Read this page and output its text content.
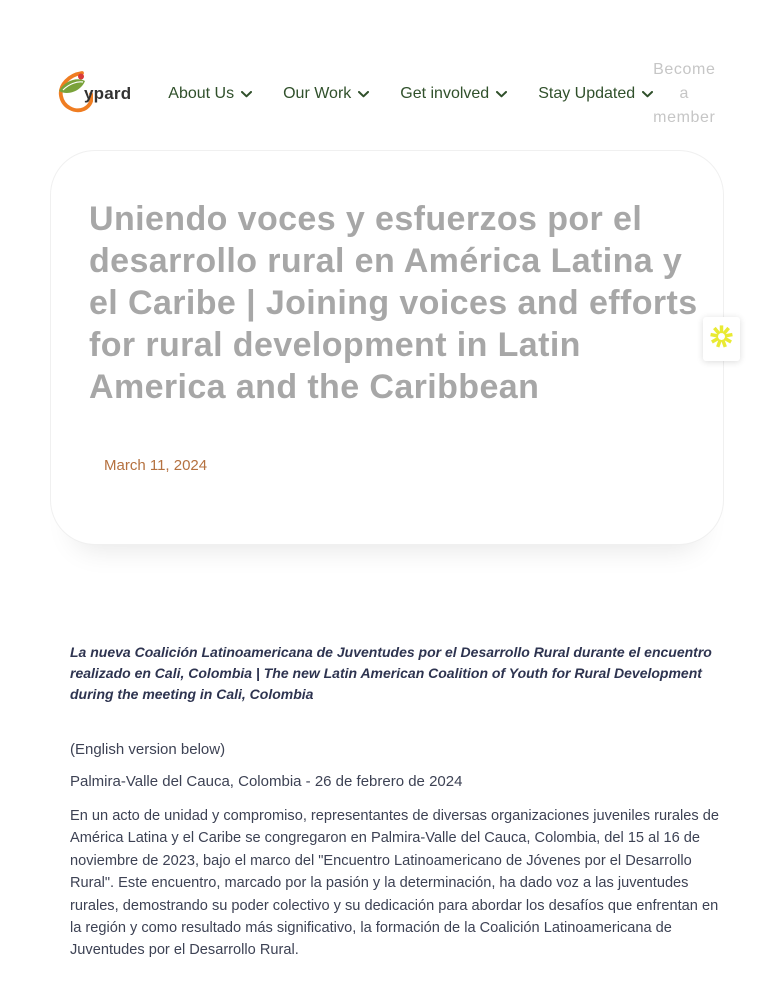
ypard About Us	Our Work	Get involved	Stay Updated
Become a member
Uniendo voces y esfuerzos por el
desarrollo rural en América Latina y
el Caribe | Joining voices and efforts
for rural development in Latin
America and the Caribbean
March 11, 2024

La nueva Coalición Latinoamericana de Juventudes por el Desarrollo Rural durante el encuentro realizado en Cali, Colombia | The new Latin American Coalition of Youth for Rural Development during the meeting in Cali, Colombia

(English version below)
Palmira-Valle del Cauca, Colombia - 26 de febrero de 2024
En un acto de unidad y compromiso, representantes de diversas organizaciones juveniles rurales de América Latina y el Caribe se congregaron en Palmira-Valle del Cauca, Colombia, del 15 al 16 de noviembre de 2023, bajo el marco del "Encuentro Latinoamericano de Jóvenes por el Desarrollo Rural". Este encuentro, marcado por la pasión y la determinación, ha dado voz a las juventudes rurales, demostrando su poder colectivo y su dedicación para abordar los desafíos que enfrentan en la región y como resultado más significativo, la formación de la Coalición Latinoamericana de Juventudes por el Desarrollo Rural.
